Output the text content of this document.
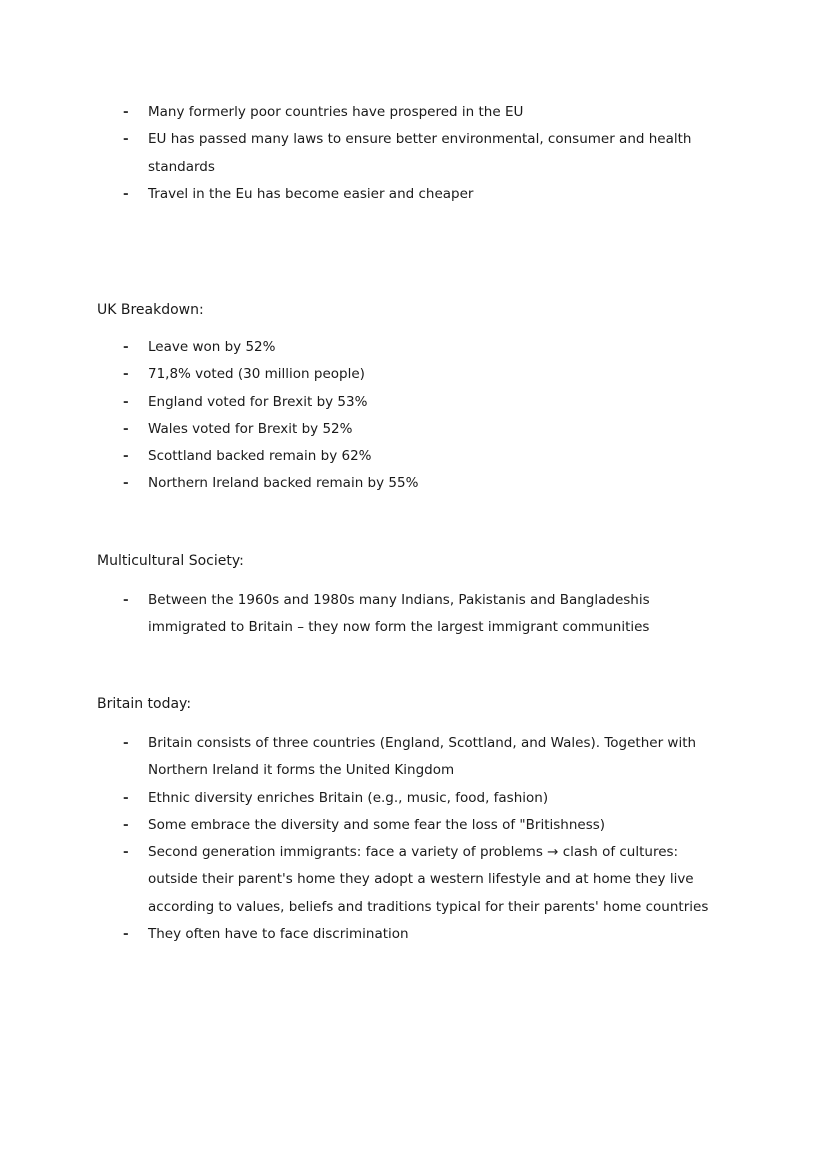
- Many formerly poor countries have prospered in the EU
- EU has passed many laws to ensure better environmental, consumer and health standards
- Travel in the Eu has become easier and cheaper
UK Breakdown:
- Leave won by 52%
- 71,8% voted (30 million people)
- England voted for Brexit by 53%
- Wales voted for Brexit by 52%
- Scottland backed remain by 62%
- Northern Ireland backed remain by 55%
Multicultural Society:
- Between the 1960s and 1980s many Indians, Pakistanis and Bangladeshis immigrated to Britain – they now form the largest immigrant communities
Britain today:
- Britain consists of three countries (England, Scottland, and Wales). Together with Northern Ireland it forms the United Kingdom
- Ethnic diversity enriches Britain (e.g., music, food, fashion)
- Some embrace the diversity and some fear the loss of "Britishness)
- Second generation immigrants: face a variety of problems → clash of cultures: outside their parent's home they adopt a western lifestyle and at home they live according to values, beliefs and traditions typical for their parents' home countries
- They often have to face discrimination
